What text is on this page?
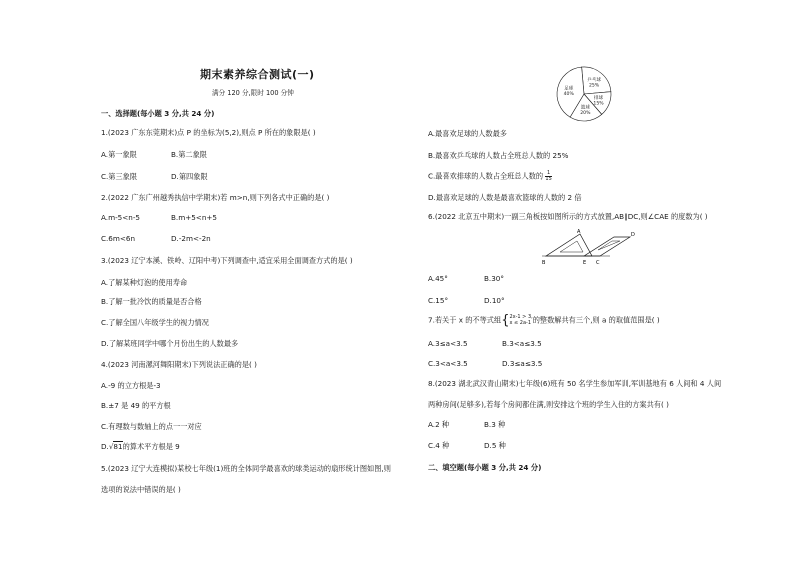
期末素养综合测试(一)
满分 120 分,限时 100 分钟
一、选择题(每小题 3 分,共 24 分)
1.(2023 广东东莞期末)点 P 的坐标为(5,2),则点 P 所在的象限是( )
A.第一象限	B.第二象限
C.第三象限	D.第四象限
2.(2022 广东广州越秀执信中学期末)若 m>n,则下列各式中正确的是( )
A.m-5<n-5	B.m+5<n+5
C.6m<6n	D.-2m<-2n
3.(2023 辽宁本溪、铁岭、辽阳中考)下列调查中,适宜采用全面调查方式的是( )
A.了解某种灯泡的使用寿命
B.了解一批冷饮的质量是否合格
C.了解全国八年级学生的视力情况
D.了解某班同学中哪个月份出生的人数最多
4.(2023 河南漯河舞阳期末)下列说法正确的是( )
A.-9 的立方根是-3
B.±7 是 49 的平方根
C.有理数与数轴上的点一一对应
D.√81的算术平方根是 9
5.(2023 辽宁大连模拟)某校七年级(1)班的全体同学最喜欢的球类运动的扇形统计图如图,则
选项的说法中错误的是( )
乒乓球
25%
排球
15%
篮球
20%
足球
40%
A.最喜欢足球的人数最多
B.最喜欢乒乓球的人数占全班总人数的 25%
C.最喜欢排球的人数占全班总人数的 $\frac{1}{15}$
D.最喜欢足球的人数是最喜欢篮球的人数的 2 倍
6.(2022 北京五中期末)一副三角板按如图所示的方式放置,AB∥DC,则∠CAE 的度数为( )
B	E C
A	D
A.45°	B.30°
C.15°	D.10°
7.若关于 x 的不等式组{ 2x-1 > 3,
x ≤ 2a-1 的整数解共有三个,则 a 的取值范围是( )
A.3≤a<3.5	B.3<a≤3.5
C.3<a<3.5	D.3≤a≤3.5
8.(2023 湖北武汉青山期末)七年级(6)班有 50 名学生参加军训,军训基地有 6 人间和 4 人间
两种房间(足够多),若每个房间都住满,则安排这个班的学生入住的方案共有( )
A.2 种	B.3 种
C.4 种	D.5 种
二、填空题(每小题 3 分,共 24 分)
